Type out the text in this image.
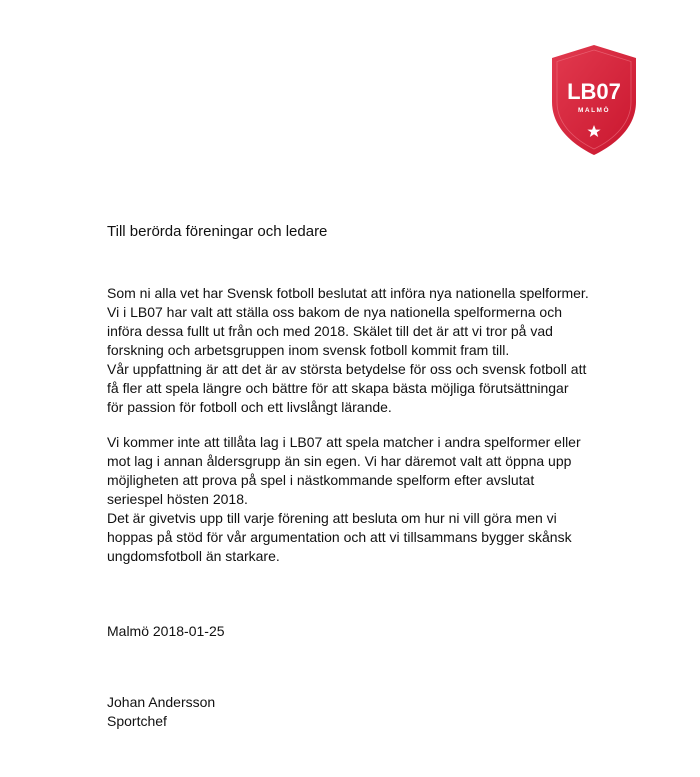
LB07
MALMÖ
Till berörda föreningar och ledare

Som ni alla vet har Svensk fotboll beslutat att införa nya nationella spelformer.

Vi i LB07 har valt att ställa oss bakom de nya nationella spelformerna och

införa dessa fullt ut från och med 2018. Skälet till det är att vi tror på vad

forskning och arbetsgruppen inom svensk fotboll kommit fram till.

Vår uppfattning är att det är av största betydelse för oss och svensk fotboll att

få fler att spela längre och bättre för att skapa bästa möjliga förutsättningar

för passion för fotboll och ett livslångt lärande.

Vi kommer inte att tillåta lag i LB07 att spela matcher i andra spelformer eller

mot lag i annan åldersgrupp än sin egen. Vi har däremot valt att öppna upp

möjligheten att prova på spel i nästkommande spelform efter avslutat

seriespel hösten 2018.

Det är givetvis upp till varje förening att besluta om hur ni vill göra men vi

hoppas på stöd för vår argumentation och att vi tillsammans bygger skånsk

ungdomsfotboll än starkare.

Malmö 2018-01-25
Johan Andersson
Sportchef
